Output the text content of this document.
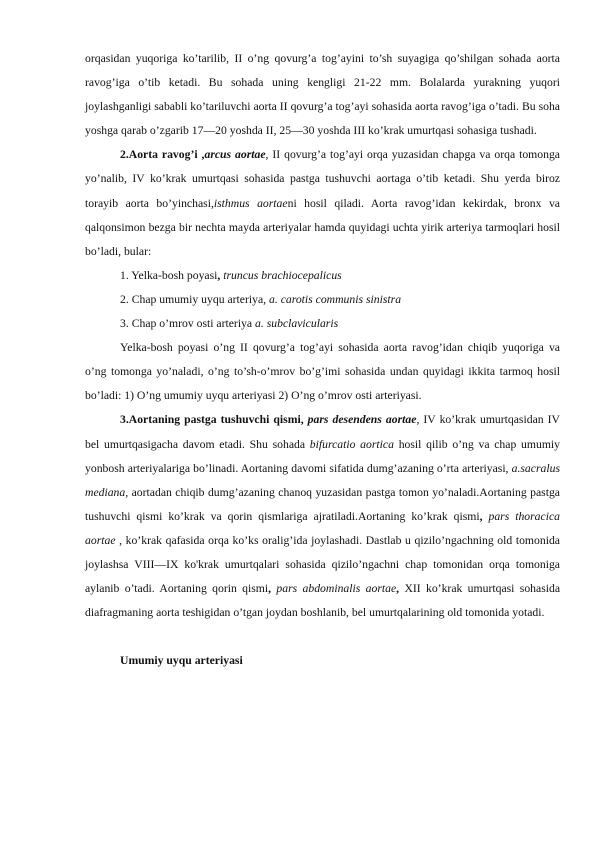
orqasidan yuqoriga ko’tarilib, II o’ng qovurg’a tog’ayini to’sh suyagiga qo’shilgan sohada aorta ravog’iga o’tib ketadi. Bu sohada uning kengligi 21-22 mm. Bolalarda yurakning yuqori joylashganligi sababli ko’tariluvchi aorta II qovurg’a tog’ayi sohasida aorta ravog’iga o’tadi. Bu soha yoshga qarab o’zgarib 17—20 yoshda II, 25—30 yoshda III ko’krak umurtqasi sohasiga tushadi.

2.Aorta ravog’i ,arcus aortae, II qovurg’a tog’ayi orqa yuzasidan chapga va orqa tomonga yo’nalib, IV ko’krak umurtqasi sohasida pastga tushuvchi aortaga o’tib ketadi. Shu yerda biroz torayib aorta bo’yinchasi,isthmus aortaeni hosil qiladi. Aorta ravog’idan kekirdak, bronx va qalqonsimon bezga bir nechta mayda arteriyalar hamda quyidagi uchta yirik arteriya tarmoqlari hosil bo’ladi, bular:

1. Yelka-bosh poyasi, truncus brachiocepalicus

2. Chap umumiy uyqu arteriya, a. carotis communis sinistra

3. Chap o’mrov osti arteriya a. subclavicularis

Yelka-bosh poyasi o’ng II qovurg’a tog’ayi sohasida aorta ravog’idan chiqib yuqoriga va o’ng tomonga yo’naladi, o’ng to’sh-o’mrov bo’g’imi sohasida undan quyidagi ikkita tarmoq hosil bo’ladi: 1) O’ng umumiy uyqu arteriyasi 2) O’ng o’mrov osti arteriyasi.

3.Aortaning pastga tushuvchi qismi, pars desendens aortae, IV ko’krak umurtqasidan IV bel umurtqasigacha davom etadi. Shu sohada bifurcatio aortica hosil qilib o’ng va chap umumiy yonbosh arteriyalariga bo’linadi. Aortaning davomi sifatida dumg’azaning o’rta arteriyasi, a.sacralus mediana, aortadan chiqib dumg’azaning chanoq yuzasidan pastga tomon yo’naladi.Aortaning pastga tushuvchi qismi ko’krak va qorin qismlariga ajratiladi.Aortaning ko’krak qismi, pars thoracica aortae , ko’krak qafasida orqa ko’ks oralig’ida joylashadi. Dastlab u qizilo’ngachning old tomonida joylashsa VIII—IX ko'krak umurtqalari sohasida qizilo’ngachni chap tomonidan orqa tomoniga aylanib o’tadi. Aortaning qorin qismi, pars abdominalis aortae, XII ko’krak umurtqasi sohasida diafragmaning aorta teshigidan o’tgan joydan boshlanib, bel umurtqalarining old tomonida yotadi.

Umumiy uyqu arteriyasi
